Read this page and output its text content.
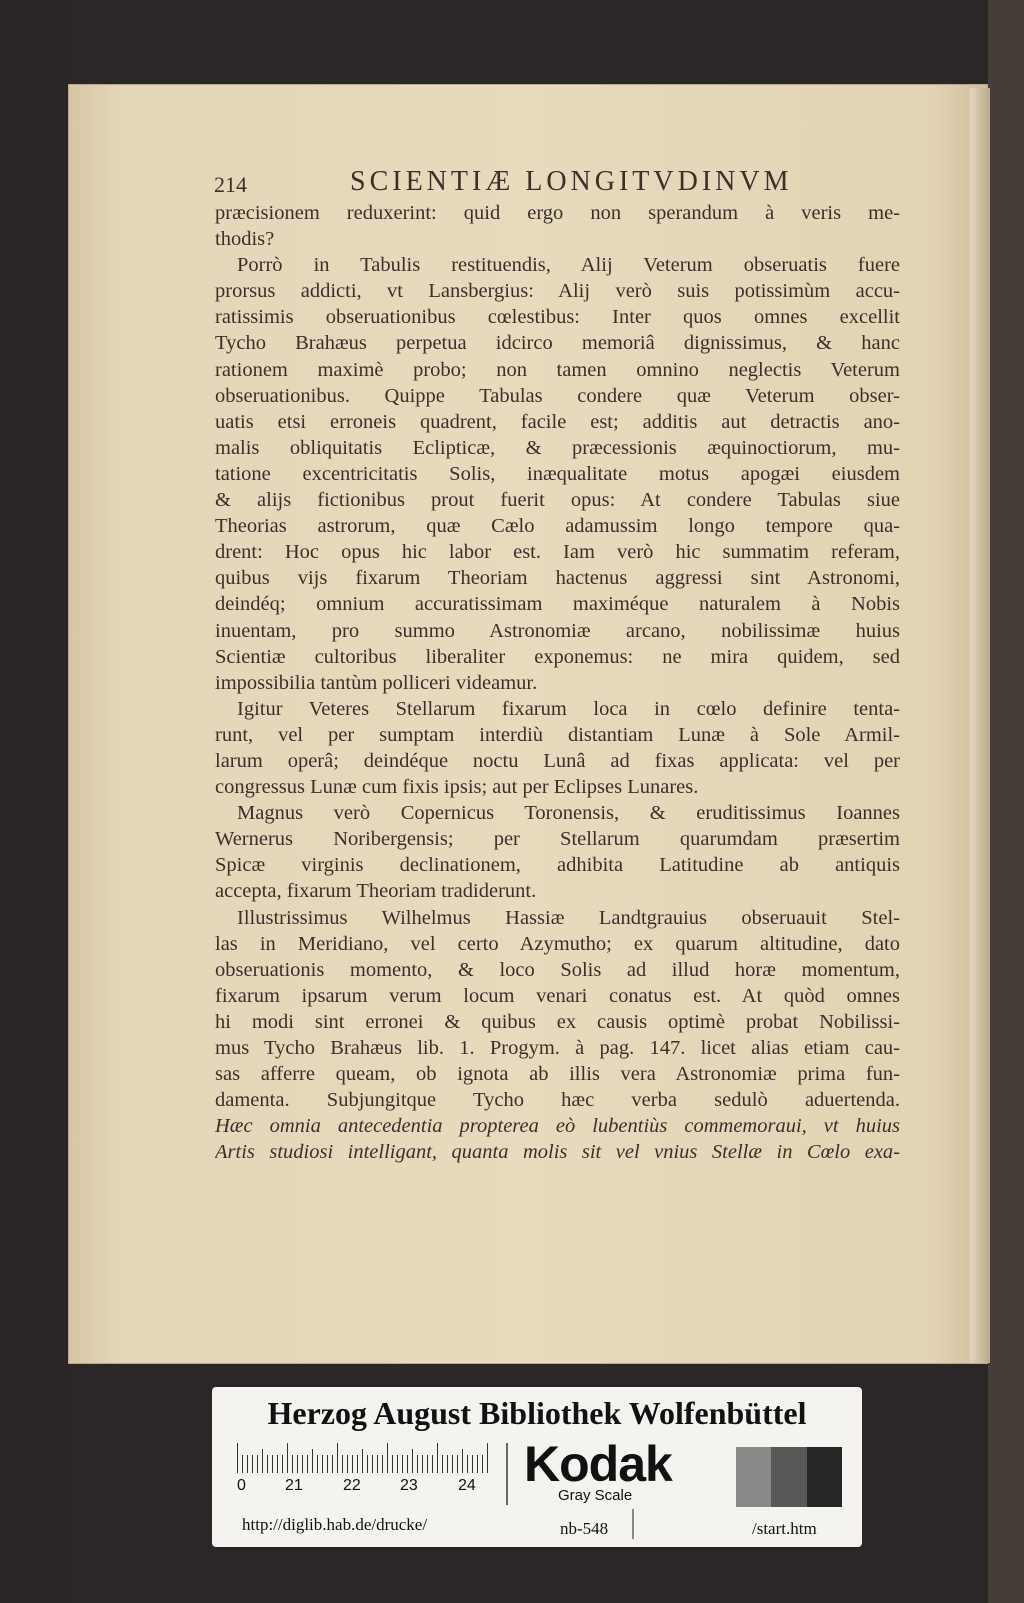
214	SCIENTIÆ LONGITVDINVM
præcisionem reduxerint: quid ergo non sperandum à veris me-
thodis?
Porrò in Tabulis restituendis, Alij Veterum obseruatis fuere
prorsus addicti, vt Lansbergius: Alij verò suis potissimùm accu-
ratissimis obseruationibus cœlestibus: Inter quos omnes excellit
Tycho Brahæus perpetua idcirco memoriâ dignissimus, & hanc
rationem maximè probo; non tamen omnino neglectis Veterum
obseruationibus. Quippe Tabulas condere quæ Veterum obser-
uatis etsi erroneis quadrent, facile est; additis aut detractis ano-
malis obliquitatis Eclipticæ, & præcessionis æquinoctiorum, mu-
tatione excentricitatis Solis, inæqualitate motus apogæi eiusdem
& alijs fictionibus prout fuerit opus: At condere Tabulas siue
Theorias astrorum, quæ Cælo adamussim longo tempore qua-
drent: Hoc opus hic labor est. Iam verò hic summatim referam,
quibus vijs fixarum Theoriam hactenus aggressi sint Astronomi,
deindéq; omnium accuratissimam maximéque naturalem à Nobis
inuentam, pro summo Astronomiæ arcano, nobilissimæ huius
Scientiæ cultoribus liberaliter exponemus: ne mira quidem, sed
impossibilia tantùm polliceri videamur.
Igitur Veteres Stellarum fixarum loca in cœlo definire tenta-
runt, vel per sumptam interdiù distantiam Lunæ à Sole Armil-
larum operâ; deindéque noctu Lunâ ad fixas applicata: vel per
congressus Lunæ cum fixis ipsis; aut per Eclipses Lunares.
Magnus verò Copernicus Toronensis, & eruditissimus Ioannes
Wernerus Noribergensis; per Stellarum quarumdam præsertim
Spicæ virginis declinationem, adhibita Latitudine ab antiquis
accepta, fixarum Theoriam tradiderunt.
Illustrissimus Wilhelmus Hassiæ Landtgrauius obseruauit Stel-
las in Meridiano, vel certo Azymutho; ex quarum altitudine, dato
obseruationis momento, & loco Solis ad illud horæ momentum,
fixarum ipsarum verum locum venari conatus est. At quòd omnes
hi modi sint erronei & quibus ex causis optimè probat Nobilissi-
mus Tycho Brahæus lib. 1. Progym. à pag. 147. licet alias etiam cau-
sas afferre queam, ob ignota ab illis vera Astronomiæ prima fun-
damenta. Subjungitque Tycho hæc verba sedulò aduertenda.
Hæc omnia antecedentia propterea eò lubentiùs commemoraui, vt huius
Artis studiosi intelligant, quanta molis sit vel vnius Stellæ in Cœlo exa-
Herzog August Bibliothek Wolfenbüttel
0 21	22 23	24 Kodak
Gray Scale
http://diglib.hab.de/drucke/	nb-548	/start.htm
